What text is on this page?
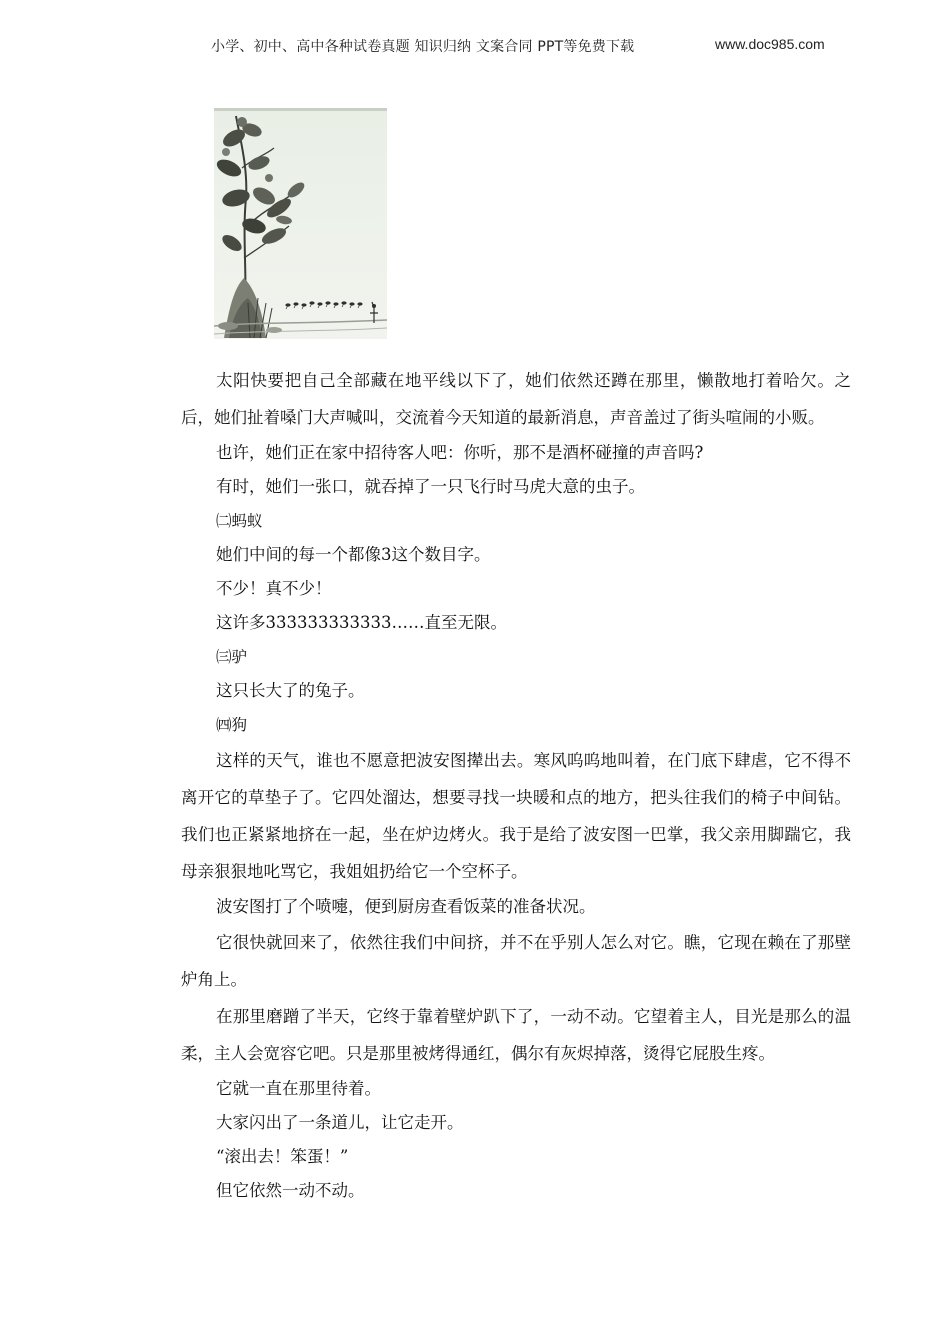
小学、初中、高中各种试卷真题 知识归纳 文案合同 PPT等免费下载	www.doc985.com

太阳快要把自己全部藏在地平线以下了，她们依然还蹲在那里，懒散地打着哈欠。之后，她们扯着嗓门大声喊叫，交流着今天知道的最新消息，声音盖过了街头喧闹的小贩。

也许，她们正在家中招待客人吧：你听，那不是酒杯碰撞的声音吗?

有时，她们一张口，就吞掉了一只飞行时马虎大意的虫子。

㈡蚂蚁

她们中间的每一个都像3这个数目字。

不少！真不少！

这许多333333333333……直至无限。

㈢驴

这只长大了的兔子。

㈣狗

这样的天气，谁也不愿意把波安图撵出去。寒风呜呜地叫着，在门底下肆虐，它不得不离开它的草垫子了。它四处溜达，想要寻找一块暖和点的地方，把头往我们的椅子中间钻。我们也正紧紧地挤在一起，坐在炉边烤火。我于是给了波安图一巴掌，我父亲用脚踹它，我母亲狠狠地叱骂它，我姐姐扔给它一个空杯子。

波安图打了个喷嚏，便到厨房查看饭菜的准备状况。

它很快就回来了，依然往我们中间挤，并不在乎别人怎么对它。瞧，它现在赖在了那壁炉角上。

在那里磨蹭了半天，它终于靠着壁炉趴下了，一动不动。它望着主人，目光是那么的温柔，主人会宽容它吧。只是那里被烤得通红，偶尔有灰烬掉落，烫得它屁股生疼。

它就一直在那里待着。

大家闪出了一条道儿，让它走开。

“滚出去！笨蛋！”

但它依然一动不动。
